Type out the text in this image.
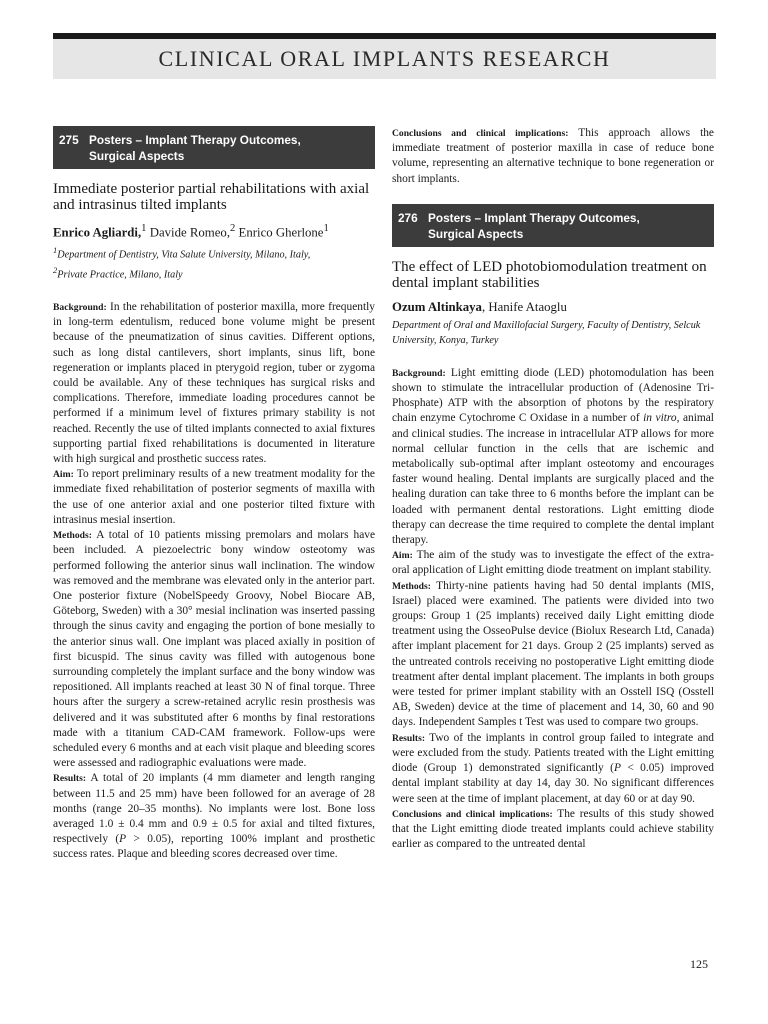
CLINICAL ORAL IMPLANTS RESEARCH
275 Posters – Implant Therapy Outcomes,
Surgical Aspects
Immediate posterior partial rehabilitations with axial and intrasinus tilted implants

Enrico Agliardi,$^1$ Davide Romeo,$^2$ Enrico Gherlone$^1$

$^1$Department of Dentistry, Vita Salute University, Milano, Italy,

$^2$Private Practice, Milano, Italy

Background: In the rehabilitation of posterior maxilla, more frequently in long-term edentulism, reduced bone volume might be present because of the pneumatization of sinus cavities. Different options, such as long distal cantilevers, short implants, sinus lift, bone regeneration or implants placed in pterygoid region, tuber or zygoma could be available. Any of these techniques has surgical risks and complications. Therefore, immediate loading procedures cannot be performed if a minimum level of fixtures primary stability is not reached. Recently the use of tilted implants connected to axial fixtures supporting partial fixed rehabilitations is documented in literature with high surgical and prosthetic success rates.

Aim: To report preliminary results of a new treatment modality for the immediate fixed rehabilitation of posterior segments of maxilla with the use of one anterior axial and one posterior tilted fixture with intrasinus mesial insertion.

Methods: A total of 10 patients missing premolars and molars have been included. A piezoelectric bony window osteotomy was performed following the anterior sinus wall inclination. The window was removed and the membrane was elevated only in the anterior part. One posterior fixture (NobelSpeedy Groovy, Nobel Biocare AB, Göteborg, Sweden) with a 30° mesial inclination was inserted passing through the sinus cavity and engaging the portion of bone mesially to the anterior sinus wall. One implant was placed axially in position of first bicuspid. The sinus cavity was filled with autogenous bone surrounding completely the implant surface and the bony window was repositioned. All implants reached at least 30 N of final torque. Three hours after the surgery a screw-retained acrylic resin prosthesis was delivered and it was substituted after 6 months by final restorations made with a titanium CAD-CAM framework. Follow-ups were scheduled every 6 months and at each visit plaque and bleeding scores were assessed and radiographic evaluations were made.

Results: A total of 20 implants (4 mm diameter and length ranging between 11.5 and 25 mm) have been followed for an average of 28 months (range 20–35 months). No implants were lost. Bone loss averaged 1.0 ± 0.4 mm and 0.9 ± 0.5 for axial and tilted fixtures, respectively (P > 0.05), reporting 100% implant and prosthetic success rates. Plaque and bleeding scores decreased over time.

Conclusions and clinical implications: This approach allows the immediate treatment of posterior maxilla in case of reduce bone volume, representing an alternative technique to bone regeneration or short implants.

276 Posters – Implant Therapy Outcomes,
Surgical Aspects
The effect of LED photobiomodulation treatment on dental implant stabilities

Ozum Altinkaya, Hanife Ataoglu

Department of Oral and Maxillofacial Surgery, Faculty of Dentistry, Selcuk University, Konya, Turkey

Background: Light emitting diode (LED) photomodulation has been shown to stimulate the intracellular production of (Adenosine Tri-Phosphate) ATP with the absorption of photons by the respiratory chain enzyme Cytochrome C Oxidase in a number of in vitro, animal and clinical studies. The increase in intracellular ATP allows for more normal cellular function in the cells that are ischemic and metabolically sub-optimal after implant osteotomy and encourages faster wound healing. Dental implants are surgically placed and the healing duration can take three to 6 months before the implant can be loaded with permanent dental restorations. Light emitting diode therapy can decrease the time required to complete the dental implant therapy.

Aim: The aim of the study was to investigate the effect of the extra-oral application of Light emitting diode treatment on implant stability.

Methods: Thirty-nine patients having had 50 dental implants (MIS, Israel) placed were examined. The patients were divided into two groups: Group 1 (25 implants) received daily Light emitting diode treatment using the OsseoPulse device (Biolux Research Ltd, Canada) after implant placement for 21 days. Group 2 (25 implants) served as the untreated controls receiving no postoperative Light emitting diode treatment after dental implant placement. The implants in both groups were tested for primer implant stability with an Osstell ISQ (Osstell AB, Sweden) device at the time of placement and 14, 30, 60 and 90 days. Independent Samples t Test was used to compare two groups.

Results: Two of the implants in control group failed to integrate and were excluded from the study. Patients treated with the Light emitting diode (Group 1) demonstrated significantly (P < 0.05) improved dental implant stability at day 14, day 30. No significant differences were seen at the time of implant placement, at day 60 or at day 90.

Conclusions and clinical implications: The results of this study showed that the Light emitting diode treated implants could achieve stability earlier as compared to the untreated dental

125
